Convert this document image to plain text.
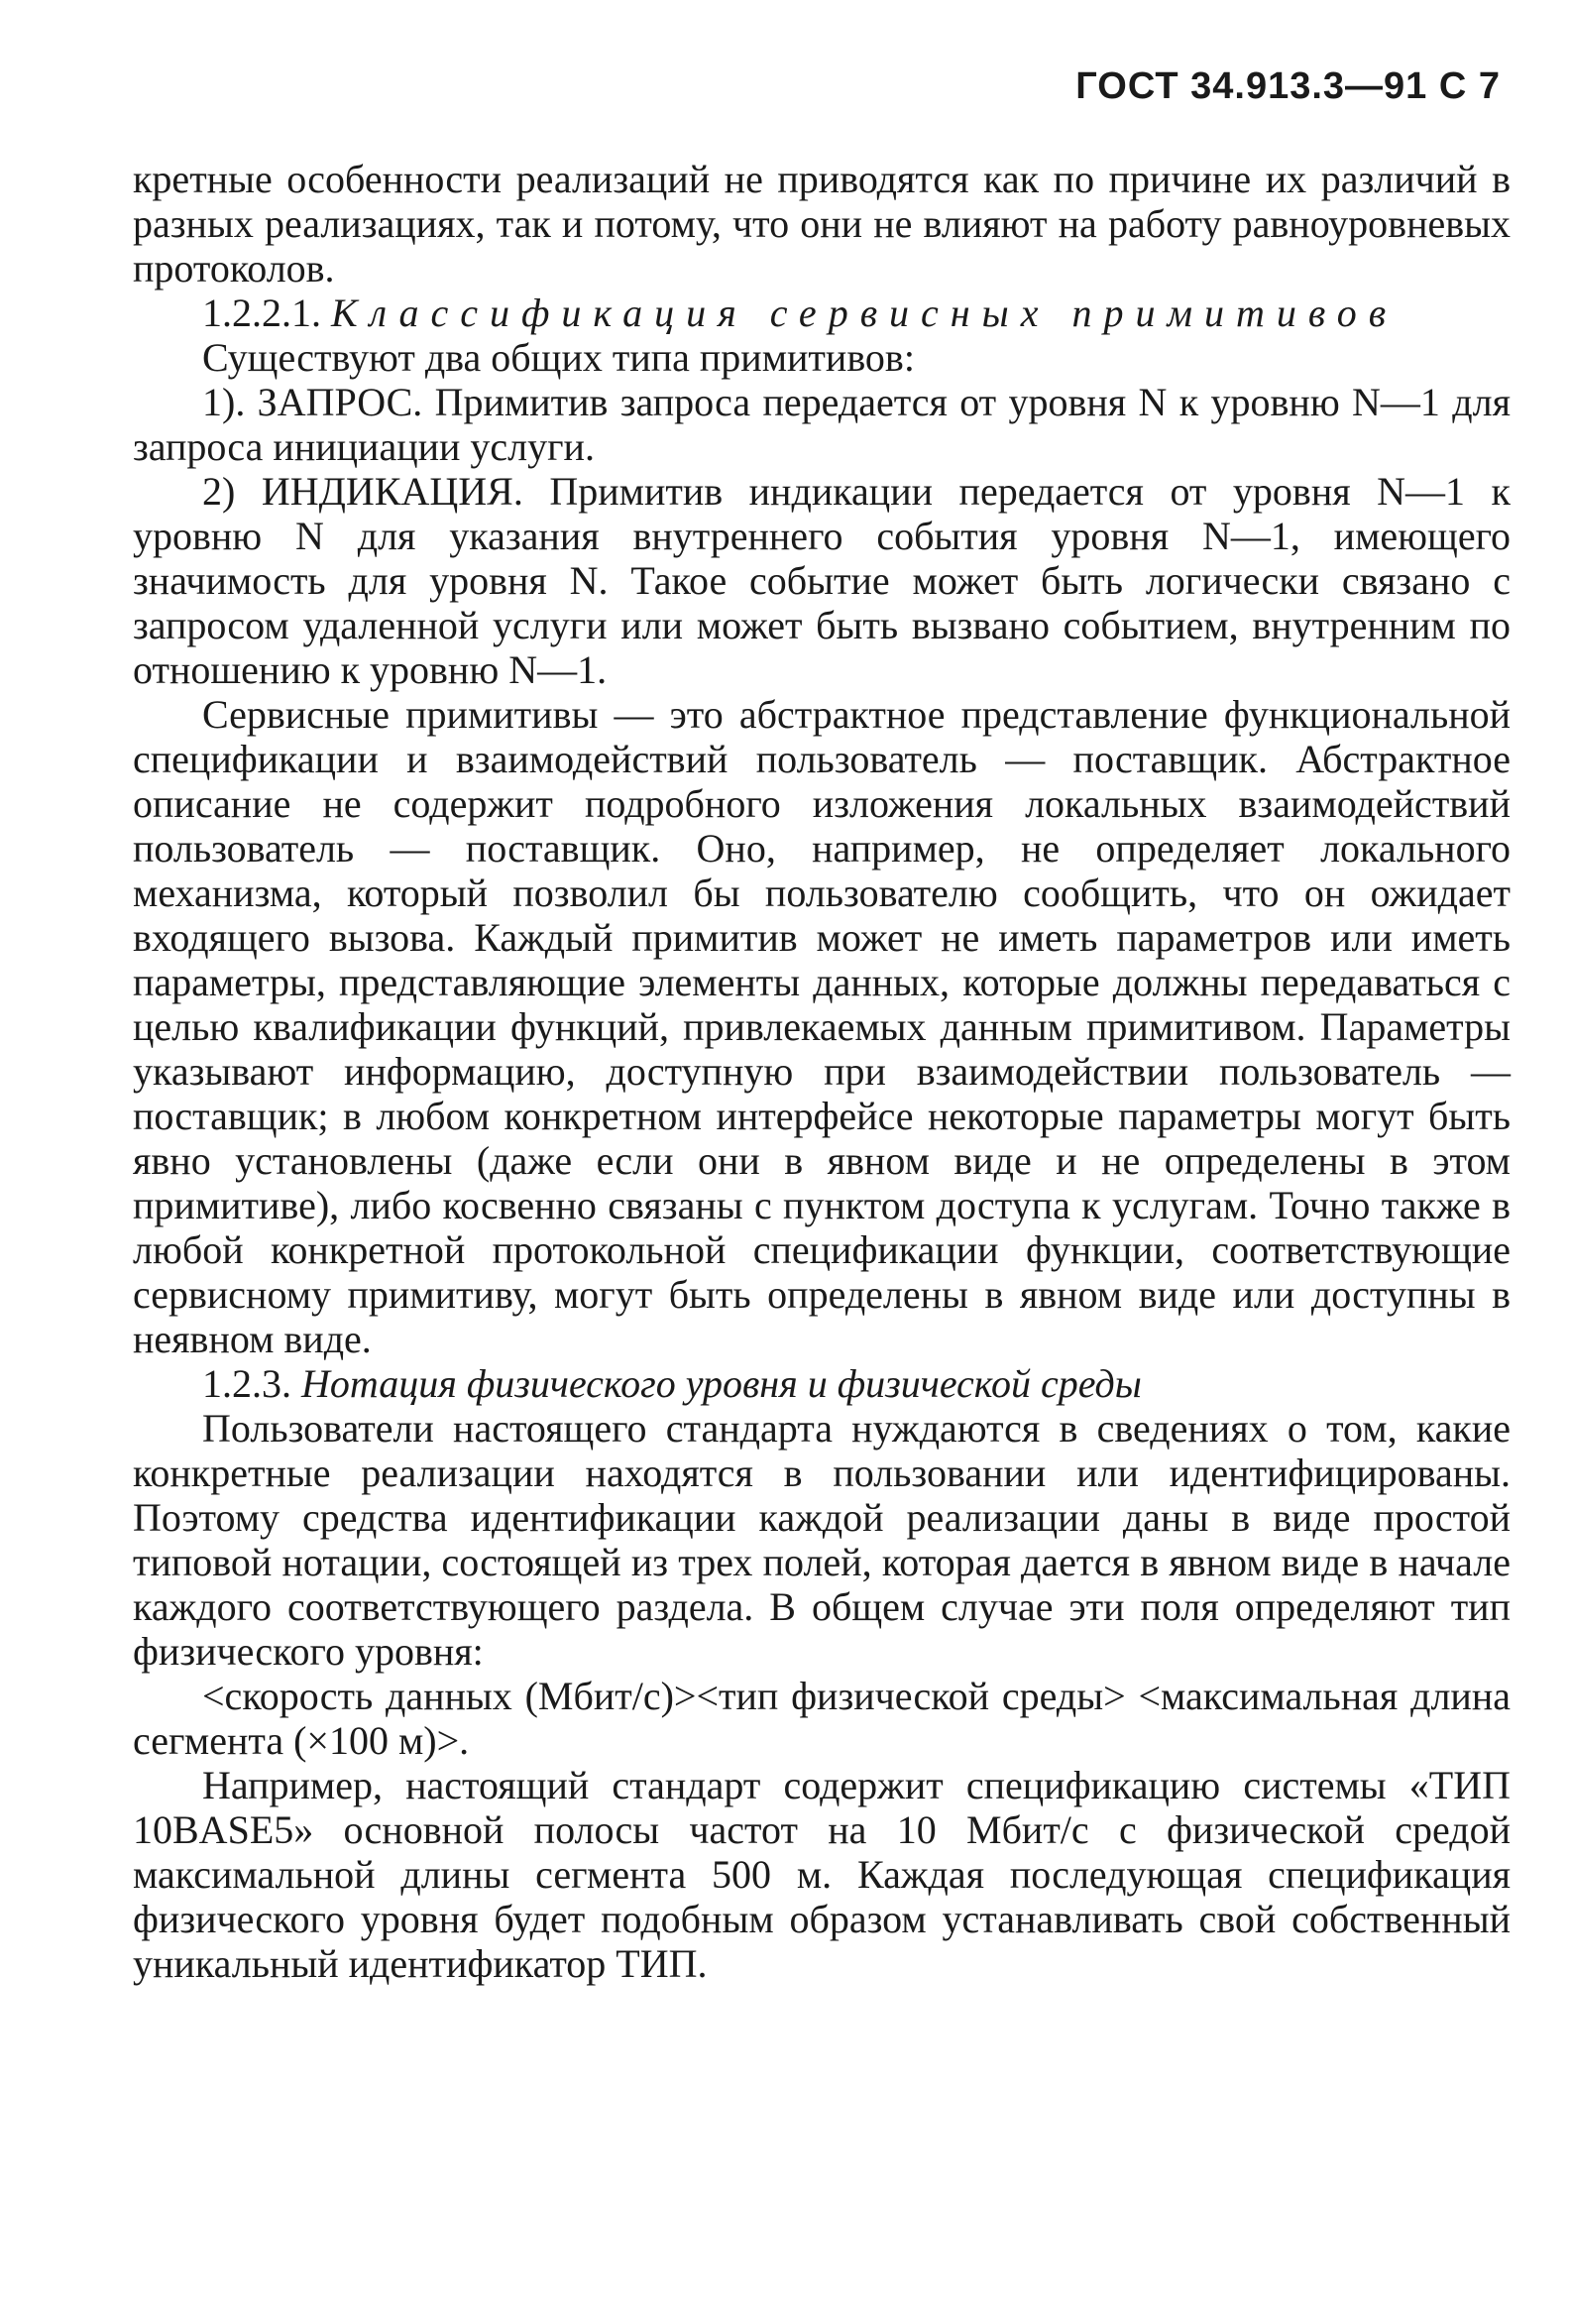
ГОСТ 34.913.3—91 С 7

кретные особенности реализаций не приводятся как по причине их различий в разных реализациях, так и потому, что они не влияют на работу равноуровневых протоколов.

1.2.2.1. Классификация сервисных примитивов

Существуют два общих типа примитивов:

1). ЗАПРОС. Примитив запроса передается от уровня N к уровню N—1 для запроса инициации услуги.

2) ИНДИКАЦИЯ. Примитив индикации передается от уровня N—1 к уровню N для указания внутреннего события уровня N—1, имеющего значимость для уровня N. Такое событие может быть логически связано с запросом удаленной услуги или может быть вызвано событием, внутренним по отношению к уровню N—1.

Сервисные примитивы — это абстрактное представление функциональной спецификации и взаимодействий пользователь — поставщик. Абстрактное описание не содержит подробного изложения локальных взаимодействий пользователь — поставщик. Оно, например, не определяет локального механизма, который позволил бы пользователю сообщить, что он ожидает входящего вызова. Каждый примитив может не иметь параметров или иметь параметры, представляющие элементы данных, которые должны передаваться с целью квалификации функций, привлекаемых данным примитивом. Параметры указывают информацию, доступную при взаимодействии пользователь — поставщик; в любом конкретном интерфейсе некоторые параметры могут быть явно установлены (даже если они в явном виде и не определены в этом примитиве), либо косвенно связаны с пунктом доступа к услугам. Точно также в любой конкретной протокольной спецификации функции, соответствующие сервисному примитиву, могут быть определены в явном виде или доступны в неявном виде.

1.2.3. Нотация физического уровня и физической среды

Пользователи настоящего стандарта нуждаются в сведениях о том, какие конкретные реализации находятся в пользовании или идентифицированы. Поэтому средства идентификации каждой реализации даны в виде простой типовой нотации, состоящей из трех полей, которая дается в явном виде в начале каждого соответствующего раздела. В общем случае эти поля определяют тип физического уровня:

<скорость данных (Мбит/с)><тип физической среды> <максимальная длина сегмента (×100 м)>.

Например, настоящий стандарт содержит спецификацию системы «ТИП 10BASE5» основной полосы частот на 10 Мбит/с с физической средой максимальной длины сегмента 500 м. Каждая последующая спецификация физического уровня будет подобным образом устанавливать свой собственный уникальный идентификатор ТИП.
